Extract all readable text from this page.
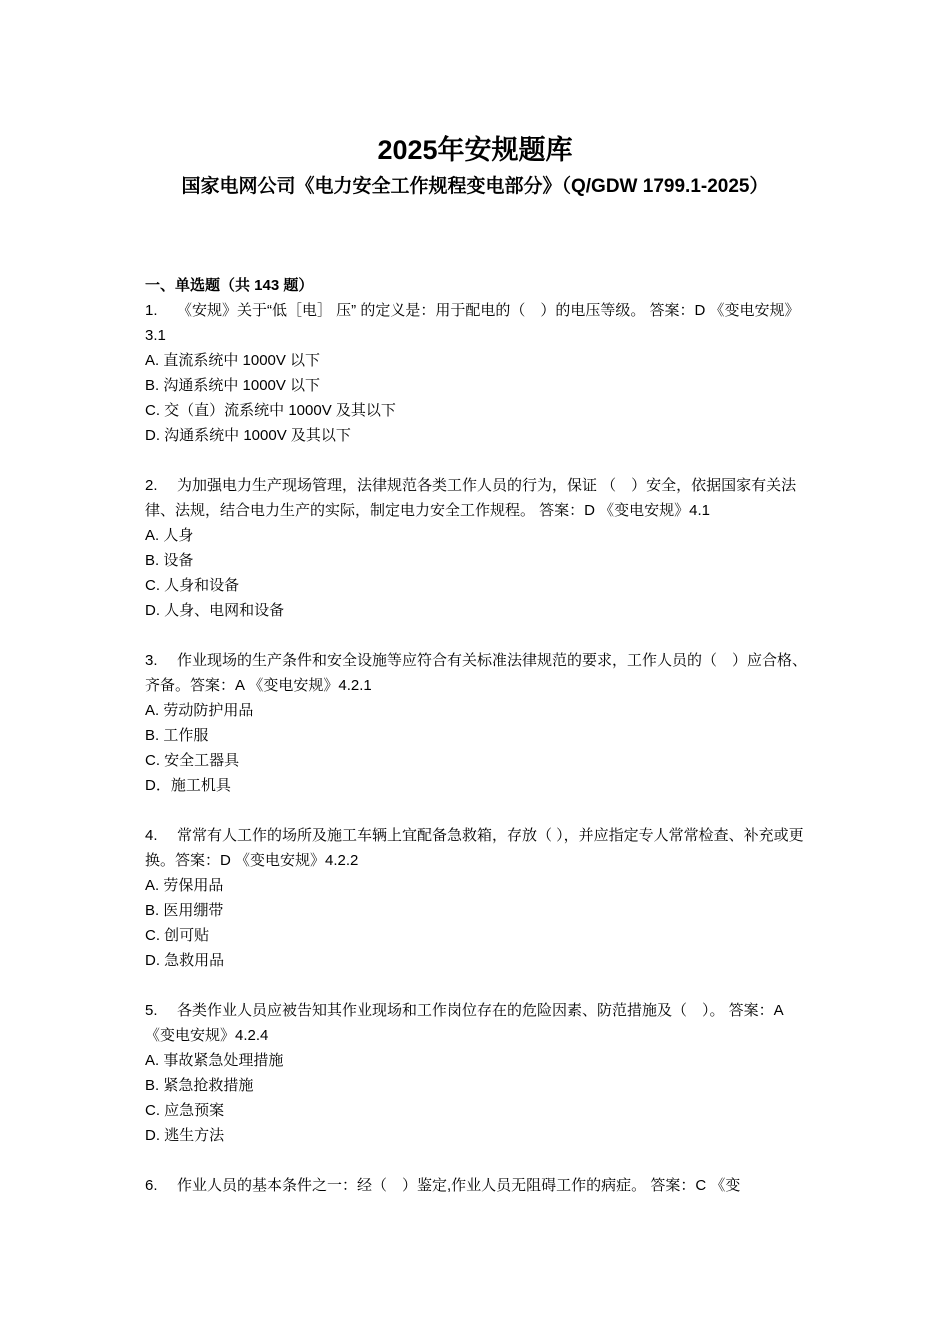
2025年安规题库
国家电网公司《电力安全工作规程变电部分》（Q/GDW 1799.1-2025）

一、单选题（共 143 题）

1. 《安规》关于“低［电］ 压” 的定义是：用于配电的（　）的电压等级。 答案：D 《变电安规》3.1

A. 直流系统中 1000V 以下

B. 沟通系统中 1000V 以下

C. 交（直）流系统中 1000V 及其以下

D. 沟通系统中 1000V 及其以下

2. 为加强电力生产现场管理，法律规范各类工作人员的行为，保证 （　）安全，依据国家有关法律、法规，结合电力生产的实际，制定电力安全工作规程。 答案：D 《变电安规》4.1

A. 人身

B. 设备

C. 人身和设备

D. 人身、电网和设备

3. 作业现场的生产条件和安全设施等应符合有关标准法律规范的要求，工作人员的（　）应合格、齐备。答案：A 《变电安规》4.2.1

A. 劳动防护用品

B. 工作服

C. 安全工器具

D．施工机具

4. 常常有人工作的场所及施工车辆上宜配备急救箱，存放（ ），并应指定专人常常检查、补充或更换。答案：D 《变电安规》4.2.2

A. 劳保用品

B. 医用绷带

C. 创可贴

D. 急救用品

5. 各类作业人员应被告知其作业现场和工作岗位存在的危险因素、防范措施及（　）。 答案：A 《变电安规》4.2.4

A. 事故紧急处理措施

B. 紧急抢救措施

C. 应急预案

D. 逃生方法

6. 作业人员的基本条件之一：经（　）鉴定,作业人员无阻碍工作的病症。 答案：C 《变
